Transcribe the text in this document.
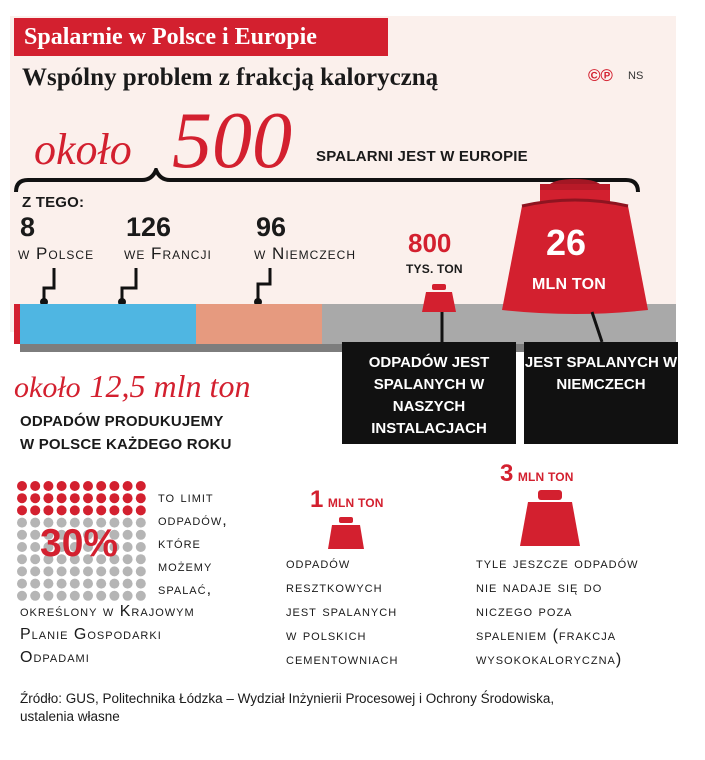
Spalarnie w Polsce i Europie
Wspólny problem z frakcją kaloryczną	©℗ NS
około 500 SPALARNI JEST W EUROPIE
Z TEGO:
8
w Polsce
126
we Francji
96
w Niemczech 800
TYS. TON
26
MLN TON
ODPADÓW JEST SPALANYCH W NASZYCH INSTALACJACH
JEST SPALANYCH W NIEMCZECH
około 12,5 mln ton
ODPADÓW PRODUKUJEMY
W POLSCE KAŻDEGO ROKU
30%
to limit
odpadów,
które
możemy
spalać,
określony w Krajowym
Planie Gospodarki
Odpadami
1 MLN TON
odpadów
resztkowych
jest spalanych
w polskich
cementowniach
3 MLN TON
tyle jeszcze odpadów
nie nadaje się do
niczego poza
spaleniem (frakcja
wysokokaloryczna)
Źródło: GUS, Politechnika Łódzka – Wydział Inżynierii Procesowej i Ochrony Środowiska,
ustalenia własne
